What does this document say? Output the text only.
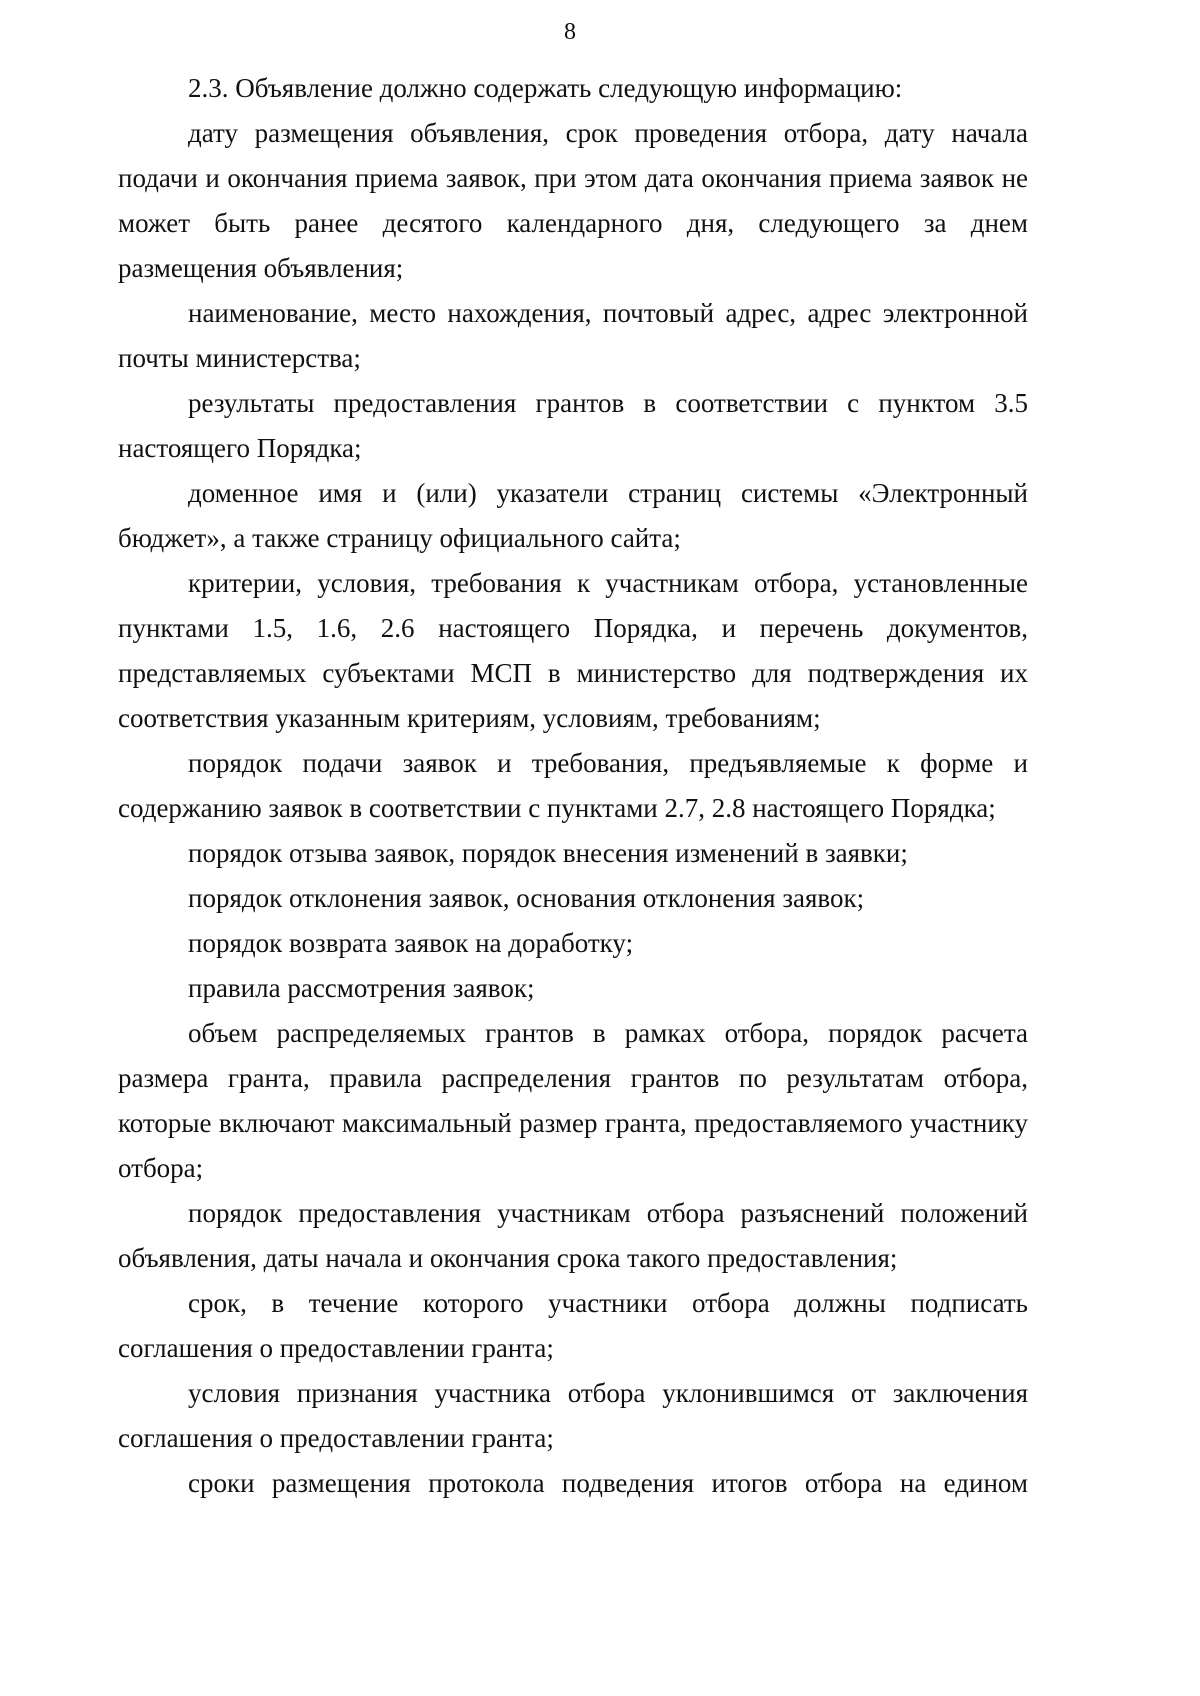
8

2.3. Объявление должно содержать следующую информацию:

дату размещения объявления, срок проведения отбора, дату начала подачи и окончания приема заявок, при этом дата окончания приема заявок не может быть ранее десятого календарного дня, следующего за днем размещения объявления;

наименование, место нахождения, почтовый адрес, адрес электронной почты министерства;

результаты предоставления грантов в соответствии с пунктом 3.5 настоящего Порядка;

доменное имя и (или) указатели страниц системы «Электронный бюджет», а также страницу официального сайта;

критерии, условия, требования к участникам отбора, установленные пунктами 1.5, 1.6, 2.6 настоящего Порядка, и перечень документов, представляемых субъектами МСП в министерство для подтверждения их соответствия указанным критериям, условиям, требованиям;

порядок подачи заявок и требования, предъявляемые к форме и содержанию заявок в соответствии с пунктами 2.7, 2.8 настоящего Порядка;

порядок отзыва заявок, порядок внесения изменений в заявки;

порядок отклонения заявок, основания отклонения заявок;

порядок возврата заявок на доработку;

правила рассмотрения заявок;

объем распределяемых грантов в рамках отбора, порядок расчета размера гранта, правила распределения грантов по результатам отбора, которые включают максимальный размер гранта, предоставляемого участнику отбора;

порядок предоставления участникам отбора разъяснений положений объявления, даты начала и окончания срока такого предоставления;

срок, в течение которого участники отбора должны подписать соглашения о предоставлении гранта;

условия признания участника отбора уклонившимся от заключения соглашения о предоставлении гранта;

сроки размещения протокола подведения итогов отбора на едином
